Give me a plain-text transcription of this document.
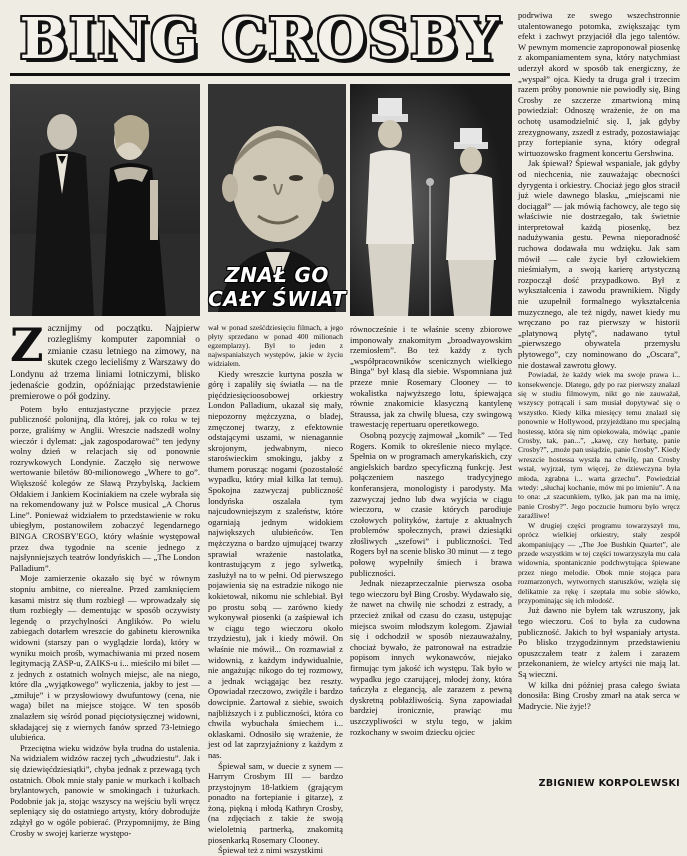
BING CROSBY
ZNAŁ GO
CAŁY ŚWIAT

Zacznijmy od początku. Najpierw rozlegliśmy komputer zapomniał o zmianie czasu letniego na zimowy, na skutek czego lecieliśmy z Warszawy do Londynu aż trzema liniami lotniczymi, blisko jedenaście godzin, opóźniając przedstawienie premierowe o pół godziny.

Potem było entuzjastyczne przyjęcie przez publiczność polonijną, dla której, jak co roku w tej porze, graliśmy w Anglii. Wreszcie nadszedł wolny wieczór i dylemat: „jak zagospodarować” ten jedyny wolny dzień w relacjach się od ponownie rozrywkowych Londynie. Zaczęło się nerwowe wertowanie biletów 80-milionowego „Where to go”. Większość kolegów ze Sławą Przybylską, Jackiem Ołdakiem i Jankiem Kociniakiem na czele wybrała się na rekomendowany już w Polsce musical „A Chorus Line”. Ponieważ widziałem to przedstawienie w roku ubiegłym, postanowiłem zobaczyć legendarnego BINGA CROSBY'EGO, który właśnie występował przez dwa tygodnie na scenie jednego z najsłynniejszych teatrów londyńskich — „The London Palladium”.

Moje zamierzenie okazało się być w równym stopniu ambitne, co nierealne. Przed zamknięciem kasami mistrz się tłum rozbiegł — wprowadzały się tłum rozbiegły — dementując w sposób oczywisty legendę o przychylności Anglików. Po wielu zabiegach dotarłem wreszcie do gabinetu kierownika widowni (starszy pan o wyglądzie lorda), który w wyniku moich prośb, wymachiwania mi przed nosem legitymacją ZASP-u, ZAIKS-u i... mieściło mi bilet — z jednych z ostatnich wolnych miejsc, ale na niego, które dla „wyjątkowego” wyliczenia, jakby to jest — „zmiłuje” i w przysłowiowy dwufuntowy (cena, nie waga) bilet na miejsce stojące. W ten sposób znalazłem się wśród ponad pięciotysięcznej widowni, składającej się z wiernych fanów sprzed 73-letniego ulubieńca.

Przeciętna wieku widzów była trudna do ustalenia. Na widzialem widzów raczej tych „dwudziestu”. Jak i się dziewięćdziesiątki”, chyba jednak z przewagą tych ostatnich. Obok mnie stały panie w murkach i kolbach brylantowych, panowie w smokingach i tużurkach. Podobnie jak ja, stojąc wszyscy na wejściu byli wręcz sepleniący się do ostatniego artysty, który dobrodujże zdążył go w ogóle pobierać. (Przypomnijmy, że Bing Crosby w swojej karierze występo-

wał w ponad sześćdziesięciu filmach, a jego płyty sprzedano w ponad 400 milionach egzemplarzy). Był to jeden z najwspanialszych występów, jakie w życiu widziałem.

Kiedy wreszcie kurtyna poszła w górę i zapaliły się światła — na tle pięćdziesięcioosobowej orkiestry London Palladium, ukazał się mały, niepozorny mężczyzna, o bladej, zmęczonej twarzy, z efektownie odstającymi uszami, w nienagannie skrojonym, jedwabnym, nieco staroświeckim smokingu, jakby z tłumem porusząc nogami (pozostałość wypadku, który miał kilka lat temu). Spokojna zazwyczaj publiczność londyńska oszalała tym najcudowniejszym z szaleństw, które ogarniają jednym widokiem największych ulubieńców. Ten mężczyzna o bardzo ujmującej twarzy sprawiał wrażenie nastolatka, kontrastującym z jego sylwetką, zasłużył na to w pełni. Od pierwszego pojawienia się na estradzie nikogo nie kokietował, nikomu nie schlebiał. Był po prostu sobą — zarówno kiedy wykonywał piosenki (a zaśpiewał ich w ciągu tego wieczoru około trzydziestu), jak i kiedy mówił. On właśnie nie mówił... On rozmawiał z widownią, z każdym indywidualnie, nie angażując nikogo do tej rozmowy, a jednak wciągając bez reszty. Opowiadał rzeczowo, zwięźle i bardzo dowcipnie. Żartował z siebie, swoich najbliższych i z publiczności, która co chwila wybuchała śmiechem i... oklaskami. Odnosiło się wrażenie, że jest od lat zaprzyjaźniony z każdym z nas.

Śpiewał sam, w duecie z synem — Harrym Crosbym III — bardzo przystojnym 18-latkiem (grającym ponadto na fortepianie i gitarze), z żoną, piękną i młodą Kathryn Crosby, (na zdjęciach z takie że swoją wieloletnią partnerką, znakomitą piosenkarką Rosemary Clooney.

Śpiewał też z nimi wszystkimi

równocześnie i te właśnie sceny zbiorowe imponowały znakomitym „broadwayowskim rzemiosłem”. Bo też każdy z tych „współpracowników scenicznych wielkiego Binga” był klasą dla siebie. Wspomniana już przeze mnie Rosemary Clooney — to wokalistka najwyższego lotu, śpiewająca równie znakomicie klasyczną kantylenę Straussa, jak za chwilę bluesa, czy swingową trawestację repertuaru operetkowego.

Osobną pozycję zajmował „komik” — Ted Rogers. Komik to określenie nieco mylące. Spełnia on w programach amerykańskich, czy angielskich bardzo specyficzną funkcję. Jest połączeniem naszego tradycyjnego konferansjera, monologisty i parodysty. Ma zazwyczaj jedno lub dwa wyjścia w ciągu wieczoru, w czasie których parodiuje czołowych polityków, żartuje z aktualnych problemów społecznych, prawi dziesiątki złośliwych „szefowi” i publiczności. Ted Rogers był na scenie blisko 30 minut — z tego połowę wypełniły śmiech i brawa publiczności.

Jednak niezaprzeczalnie pierwsza osoba tego wieczoru był Bing Crosby. Wydawało się, że nawet na chwilę nie schodzi z estrady, a przecież znikał od czasu do czasu, ustępując miejsca swoim młodszym kolegom. Zjawiał się i odchodził w sposób niezauważalny, chociaż bywało, że patronował na estradzie popisom innych wykonawców, niejako firmując tym jakość ich występu. Tak było w wypadku jego czarującej, młodej żony, która tańczyła z elegancją, ale zarazem z pewną dyskretną pobłażliwością. Syna zapowiadał bardziej ironicznie, prawiąc mu uszczypliwości w stylu tego, w jakim rozkochany w swoim dziecku ojciec

podrwiwa ze swego wszechstronnie utalentowanego potomka, zwiększając tym efekt i zachwyt przyjaciół dla jego talentów. W pewnym momencie zaproponował piosenkę z akompaniamentem syna, który natychmiast uderzył akord w sposób tak energiczny, że „wyspał” ojca. Kiedy ta druga grał i trzecim razem próby ponownie nie powiodły się, Bing Crosby ze szczerze zmartwioną miną powiedział: Odnoszę wrażenie, że on ma ochotę usamodzielnić się. I, jak gdyby zrezygnowany, zszedł z estrady, pozostawiając przy fortepianie syna, który odegrał wirtuozowsko fragment koncertu Gershwina.

Jak śpiewał? Śpiewał wspaniale, jak gdyby od niechcenia, nie zauważając obecności dyrygenta i orkiestry. Chociaż jego głos stracił już wiele dawnego blasku, „miejscami nie dociągał” — jak mówią fachowcy, ale tego się właściwie nie dostrzegało, tak świetnie interpretował każdą piosenkę, bez nadużywania gestu. Pewna nieporadność ruchowa dodawała mu wdzięku. Jak sam mówił — całe życie był człowiekiem nieśmiałym, a swoją karierę artystyczną rozpoczął dość przypadkowo. Był z wykształcenia i zawodu prawnikiem. Nigdy nie uzupełnił formalnego wykształcenia muzycznego, ale też nigdy, nawet kiedy mu wręczano po raz pierwszy w historii „platynową płytę”, nadawano tytuł „pierwszego obywatela przemysłu płytowego”, czy nominowano do „Oscara”, nie dostawał zawrotu głowy.

Powiadał, że każdy wiek ma swoje prawa i... konsekwencje. Dlatego, gdy po raz pierwszy znalazł się w studiu filmowym, nikt go nie zauważał, wszyscy potrącali i sam musiał dopytywać się o wszystko. Kiedy kilka miesięcy temu znalazł się ponownie w Hollywood, przyjeżdżano mu specjalną hostessę, która się nim opiekowała, mówiąc „panie Crosby, tak, pan...”, „kawę, czy herbatę, panie Crosby?”, „może pan usiądzie, panie Crosby”. Kiedy wreszcie hostessa wyszła na chwilę, pan Crosby wstał, wyjrzał, tym więcej, że dziewczyna była młoda, zgrabna i... warta grzechu”. Powiedział wtedy: „słuchaj kochanie, mów mi po imieniu”. A na to ona: „z szacunkiem, tylko, jak pan ma na imię, panie Crosby?”. Jego poczucie humoru było wręcz zaraźliwe!

W drugiej części programu towarzyszył mu, oprócz wielkiej orkiestry, stały zespół akompaniujący — „The Joe Bushkin Quartet”, ale przede wszystkim w tej części towarzyszyła mu cała widownia, spontanicznie podchwytująca śpiewane przez niego melodie. Obok mnie stojąca para rozmarzonych, wytwornych staruszków, wzięła się delikatnie za rękę i szeptała mu sobie słówko, przypominając się ich młodość.

Już dawno nie byłem tak wzruszony, jak tego wieczoru. Coś to była za cudowna publiczność. Jakich to był wspaniały artysta. Po blisko trzygodzinnym przedstawieniu opuszczałem teatr z żalem i zarazem przekonaniem, że wielcy artyści nie mają lat. Są wieczni.

W kilka dni później prasa całego świata donosiła: Bing Crosby zmarł na atak serca w Madrycie. Nie żyje!?

ZBIGNIEW KORPOLEWSKI
